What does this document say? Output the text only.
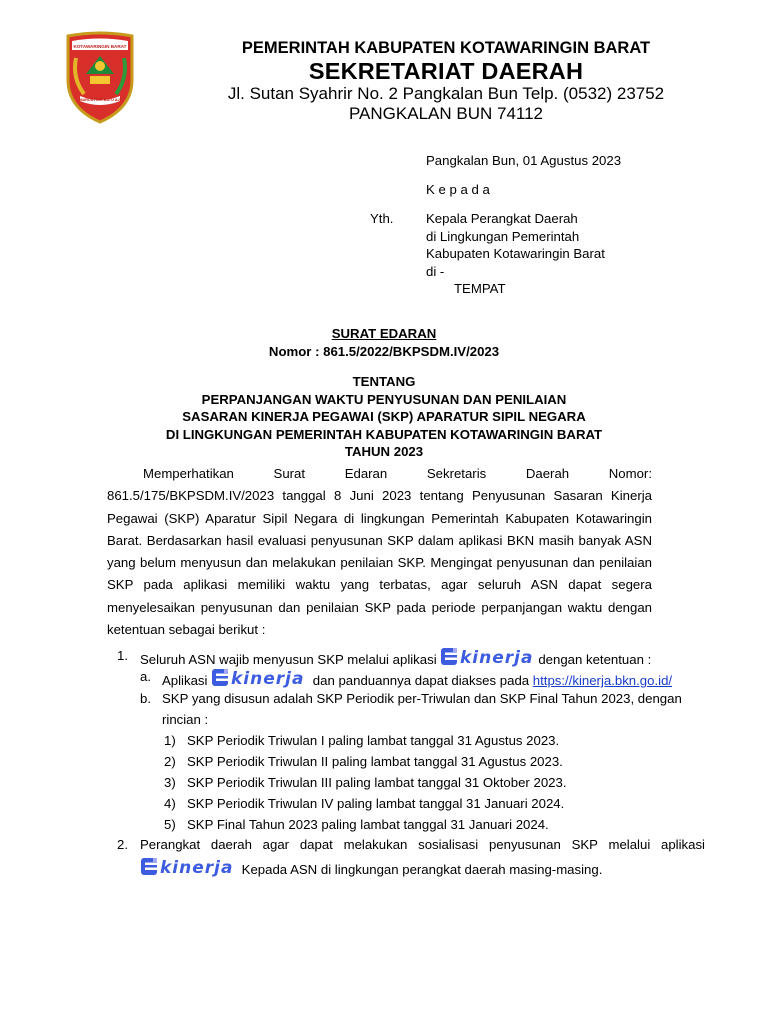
KOTAWARINGIN BARAT
MARUNTING BATU AJI
PEMERINTAH KABUPATEN KOTAWARINGIN BARAT
SEKRETARIAT DAERAH
Jl. Sutan Syahrir No. 2 Pangkalan Bun Telp. (0532) 23752
PANGKALAN BUN 74112
Pangkalan Bun, 01 Agustus 2023
K e p a d a
Yth. Kepala Perangkat Daerah
di Lingkungan Pemerintah
Kabupaten Kotawaringin Barat
di -
TEMPAT
SURAT EDARAN
Nomor : 861.5/2022/BKPSDM.IV/2023
TENTANG
PERPANJANGAN WAKTU PENYUSUNAN DAN PENILAIAN
SASARAN KINERJA PEGAWAI (SKP) APARATUR SIPIL NEGARA
DI LINGKUNGAN PEMERINTAH KABUPATEN KOTAWARINGIN BARAT
TAHUN 2023
Memperhatikan Surat Edaran Sekretaris Daerah Nomor:
861.5/175/BKPSDM.IV/2023 tanggal 8 Juni 2023 tentang Penyusunan Sasaran Kinerja Pegawai (SKP) Aparatur Sipil Negara di lingkungan Pemerintah Kabupaten Kotawaringin Barat. Berdasarkan hasil evaluasi penyusunan SKP dalam aplikasi BKN masih banyak ASN yang belum menyusun dan melakukan penilaian SKP. Mengingat penyusunan dan penilaian SKP pada aplikasi memiliki waktu yang terbatas, agar seluruh ASN dapat segera menyelesaikan penyusunan dan penilaian SKP pada periode perpanjangan waktu dengan ketentuan sebagai berikut :
1. Seluruh ASN wajib menyusun SKP melalui aplikasi kinerja dengan ketentuan :
a. Aplikasi kinerja dan panduannya dapat diakses pada https://kinerja.bkn.go.id/
b. SKP yang disusun adalah SKP Periodik per-Triwulan dan SKP Final Tahun 2023, dengan
rincian :
1) SKP Periodik Triwulan I paling lambat tanggal 31 Agustus 2023.
2) SKP Periodik Triwulan II paling lambat tanggal 31 Agustus 2023.
3) SKP Periodik Triwulan III paling lambat tanggal 31 Oktober 2023.
4) SKP Periodik Triwulan IV paling lambat tanggal 31 Januari 2024.
5) SKP Final Tahun 2023 paling lambat tanggal 31 Januari 2024.
2. Perangkat daerah agar dapat melakukan sosialisasi penyusunan SKP melalui aplikasi
kinerja Kepada ASN di lingkungan perangkat daerah masing-masing.
